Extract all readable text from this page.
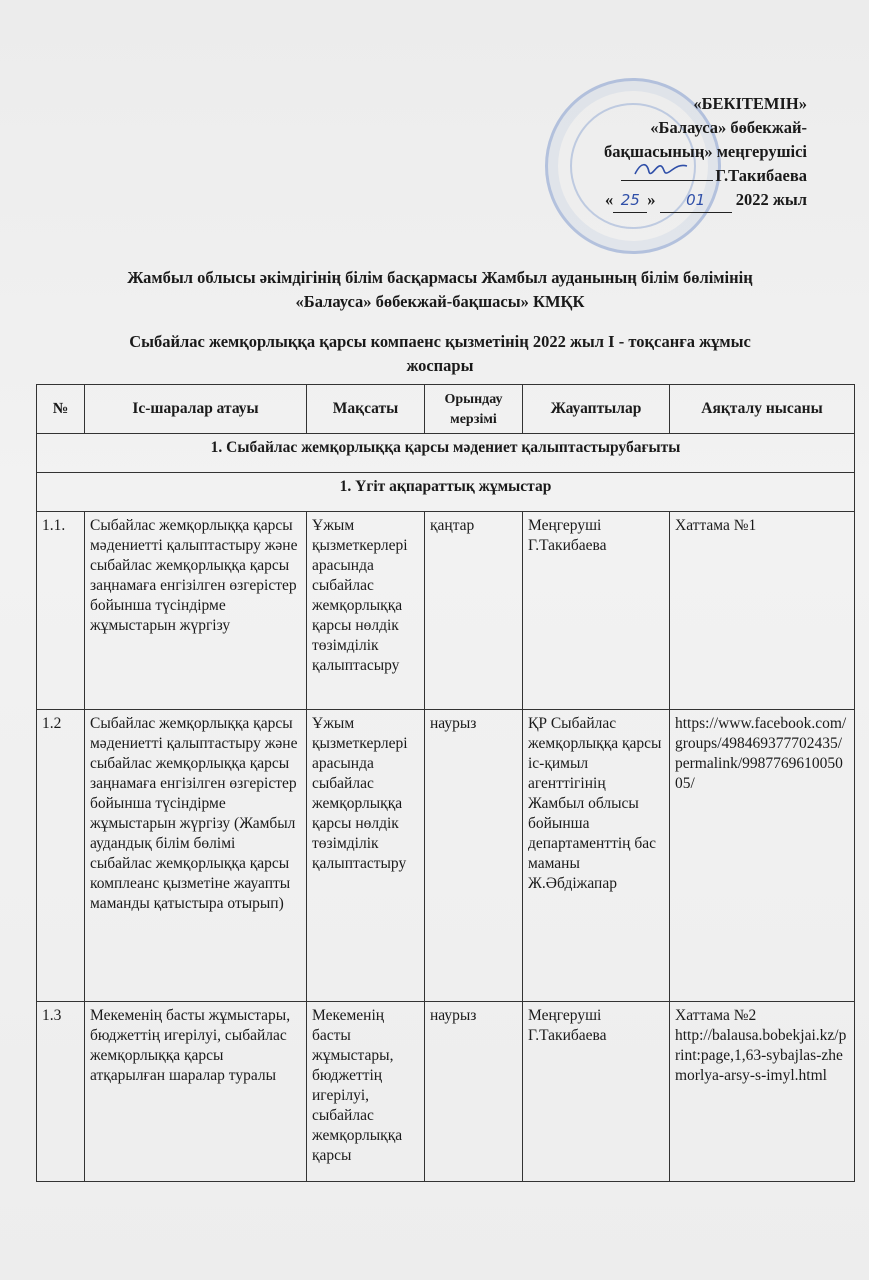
«БЕКІТЕМІН»
«Балауса» бөбекжай-
бақшасының» меңгерушісі
Г.Такибаева
« 25 » 01 2022 жыл
Жамбыл облысы әкімдігінің білім басқармасы Жамбыл ауданының білім бөлімінің
«Балауса» бөбекжай-бақшасы» КМҚК
Сыбайлас жемқорлыққа қарсы компаенс қызметінің 2022 жыл І - тоқсанға жұмыс
жоспары
№	Іс-шаралар атауы	Мақсаты	Орындау мерзімі	Жауаптылар	Аяқталу нысаны
1. Сыбайлас жемқорлыққа қарсы мәдениет қалыптастырубағыты					
1. Үгіт ақпараттық жұмыстар					
1.1.	Сыбайлас жемқорлыққа қарсы мәдениетті қалыптастыру және сыбайлас жемқорлыққа қарсы заңнамаға енгізілген өзгерістер бойынша түсіндірме жұмыстарын жүргізу	Ұжым қызметкерлері арасында сыбайлас жемқорлыққа қарсы нөлдік төзімділік қалыптасыру	қаңтар	Меңгеруші Г.Такибаева	Хаттама №1
1.2	Сыбайлас жемқорлыққа қарсы мәдениетті қалыптастыру және сыбайлас жемқорлыққа қарсы заңнамаға енгізілген өзгерістер бойынша түсіндірме жұмыстарын жүргізу (Жамбыл аудандық білім бөлімі сыбайлас жемқорлыққа қарсы комплеанс қызметіне жауапты маманды қатыстыра отырып)	Ұжым қызметкерлері арасында сыбайлас жемқорлыққа қарсы нөлдік төзімділік қалыптастыру	наурыз	ҚР Сыбайлас жемқорлыққа қарсы іс-қимыл агенттігінің Жамбыл облысы бойынша департаменттің бас маманы Ж.Әбдіжапар	https://www.facebook.com/groups/498469377702435/permalink/998776961005005/
1.3	Мекеменің басты жұмыстары, бюджеттің игерілуі, сыбайлас жемқорлыққа қарсы атқарылған шаралар туралы	Мекеменің басты жұмыстары, бюджеттің игерілуі, сыбайлас жемқорлыққа қарсы	наурыз	Меңгеруші Г.Такибаева	Хаттама №2
http://balausa.bobekjai.kz/print:page,1,63-sybajlas-zhemorlya-arsy-s-imyl.html
